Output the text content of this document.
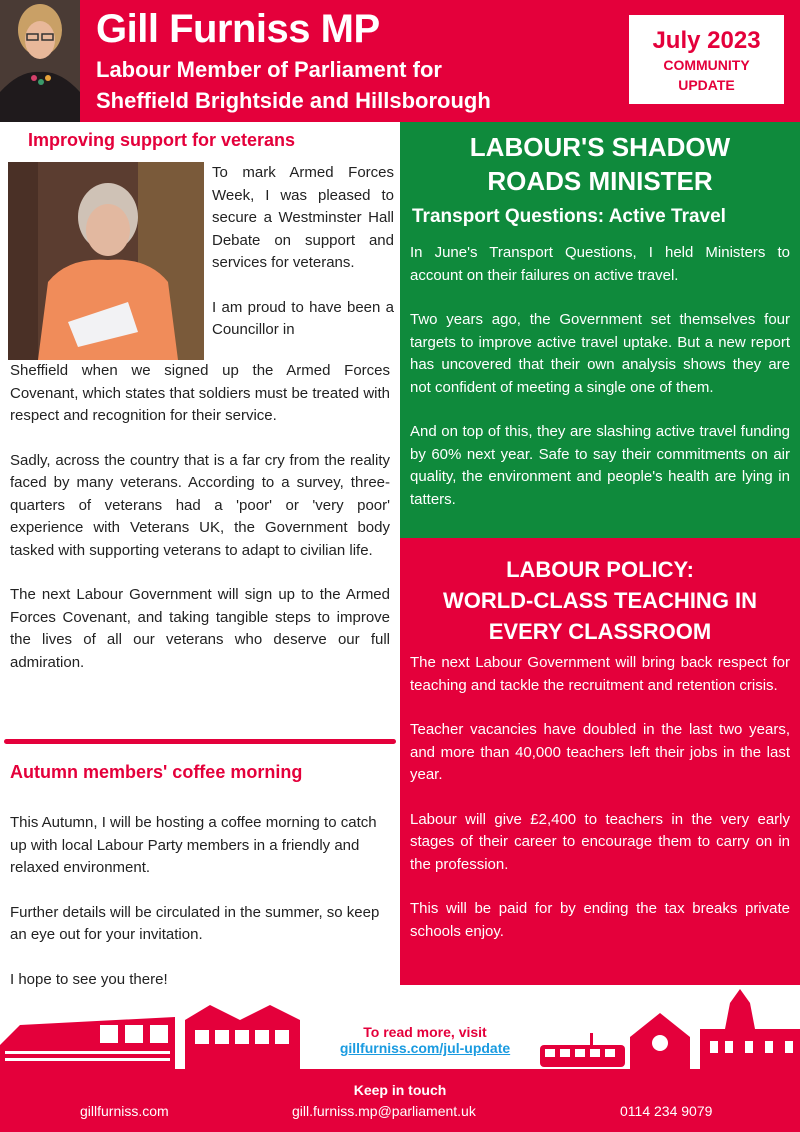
Gill Furniss MP
Labour Member of Parliament for
Sheffield Brightside and Hillsborough
July 2023
COMMUNITY
UPDATE
Improving support for veterans

To mark Armed Forces Week, I was pleased to secure a Westminster Hall Debate on support and services for veterans.

I am proud to have been a Councillor in

Sheffield when we signed up the Armed Forces Covenant, which states that soldiers must be treated with respect and recognition for their service.

Sadly, across the country that is a far cry from the reality faced by many veterans. According to a survey, three-quarters of veterans had a 'poor' or 'very poor' experience with Veterans UK, the Government body tasked with supporting veterans to adapt to civilian life.

The next Labour Government will sign up to the Armed Forces Covenant, and taking tangible steps to improve the lives of all our veterans who deserve our full admiration.

Autumn members' coffee morning

This Autumn, I will be hosting a coffee morning to catch up with local Labour Party members in a friendly and relaxed environment.

Further details will be circulated in the summer, so keep an eye out for your invitation.

I hope to see you there!

LABOUR'S SHADOW
ROADS MINISTER
Transport Questions: Active Travel

In June's Transport Questions, I held Ministers to account on their failures on active travel.

Two years ago, the Government set themselves four targets to improve active travel uptake. But a new report has uncovered that their own analysis shows they are not confident of meeting a single one of them.

And on top of this, they are slashing active travel funding by 60% next year. Safe to say their commitments on air quality, the environment and people's health are lying in tatters.

LABOUR POLICY:
WORLD-CLASS TEACHING IN
EVERY CLASSROOM

The next Labour Government will bring back respect for teaching and tackle the recruitment and retention crisis.

Teacher vacancies have doubled in the last two years, and more than 40,000 teachers left their jobs in the last year.

Labour will give £2,400 to teachers in the very early stages of their career to encourage them to carry on in the profession.

This will be paid for by ending the tax breaks private schools enjoy.

To read more, visit
gillfurniss.com/jul-update
Keep in touch
gillfurniss.com	gill.furniss.mp@parliament.uk	0114 234 9079
